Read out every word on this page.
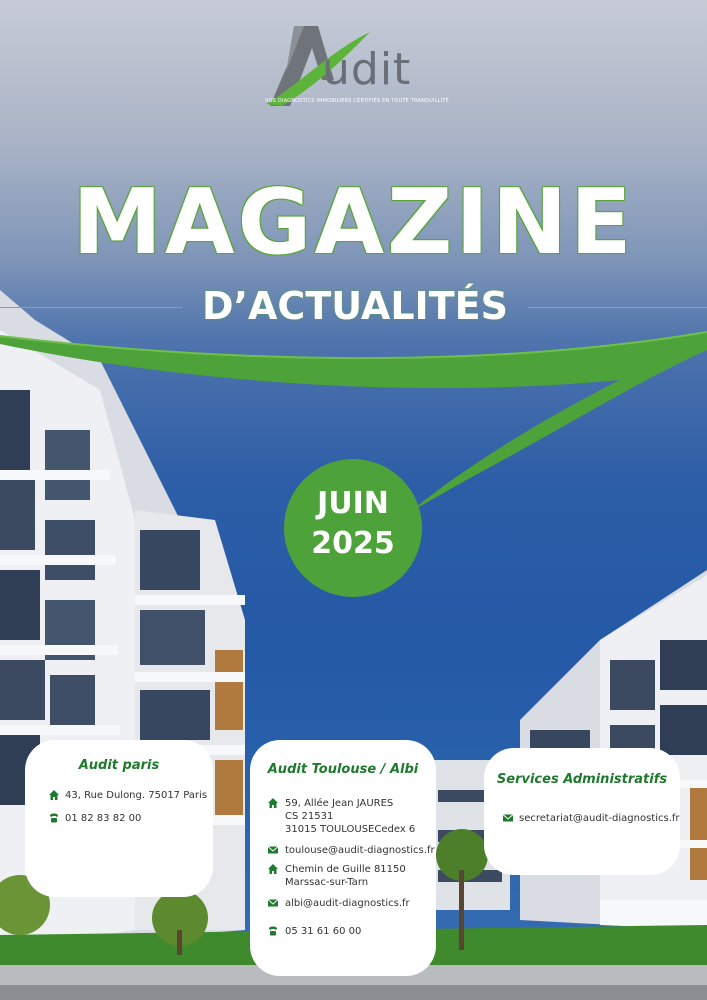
udit
VOS DIAGNOSTICS IMMOBILIERS CERTIFIÉS EN TOUTE TRANQUILLITÉ
MAGAZINE
D’ACTUALITÉS
JUIN
2025
Audit paris
43, Rue Dulong. 75017 Paris
01 82 83 82 00
Audit Toulouse / Albi
59, Allée Jean JAURES
CS 21531
31015 TOULOUSECedex 6
toulouse@audit-diagnostics.fr
Chemin de Guille 81150
Marssac-sur-Tarn
albi@audit-diagnostics.fr
05 31 61 60 00
Services Administratifs
secretariat@audit-diagnostics.fr
